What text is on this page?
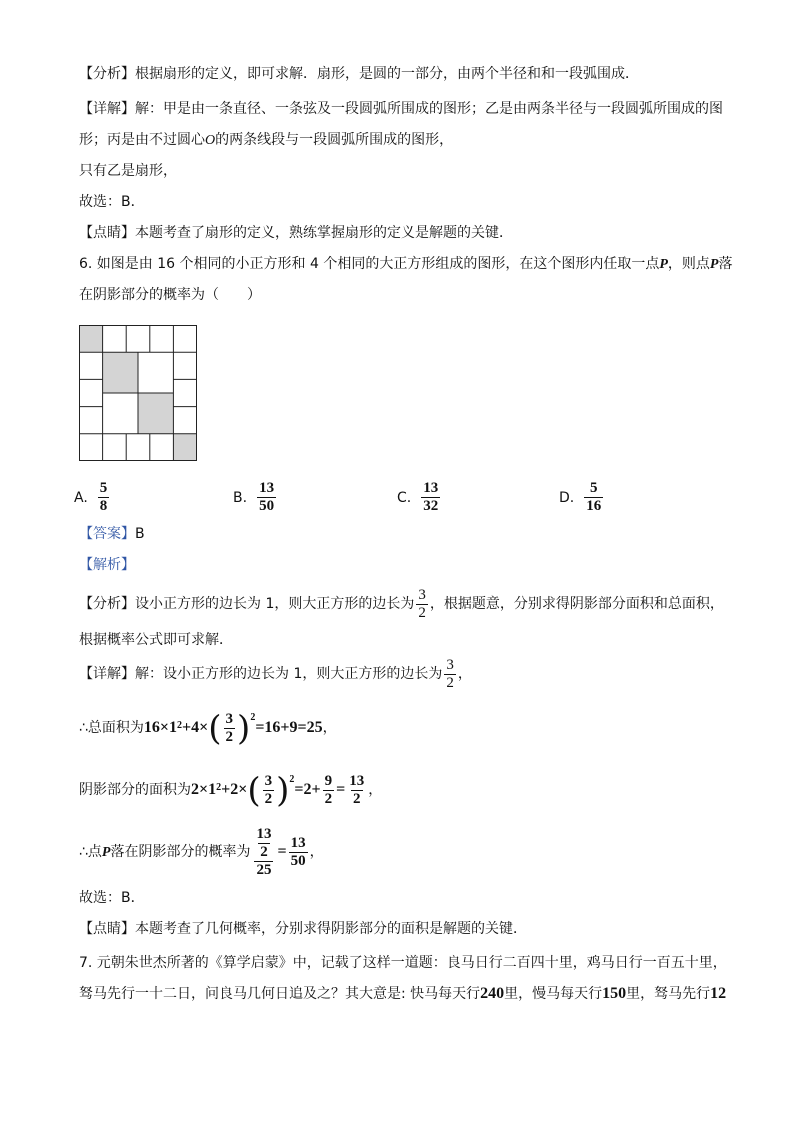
【分析】根据扇形的定义，即可求解．扇形，是圆的一部分，由两个半径和和一段弧围成．
【详解】解：甲是由一条直径、一条弦及一段圆弧所围成的图形；乙是由两条半径与一段圆弧所围成的图
形；丙是由不过圆心O的两条线段与一段圆弧所围成的图形，
只有乙是扇形，
故选：B．
【点睛】本题考查了扇形的定义，熟练掌握扇形的定义是解题的关键．
6. 如图是由 16 个相同的小正方形和 4 个相同的大正方形组成的图形，在这个图形内任取一点P，则点P落
在阴影部分的概率为（　　）
A. $\frac{5}{8}$	B. $\frac{13}{50}$	C. $\frac{13}{32}$	D. $\frac{5}{16}$
【答案】B
【解析】
【分析】设小正方形的边长为 1，则大正方形的边长为 $\frac{3}{2}$ ，根据题意，分别求得阴影部分面积和总面积，
根据概率公式即可求解．
【详解】解：设小正方形的边长为 1，则大正方形的边长为 $\frac{3}{2}$ ，
∴总面积为$16\times 1^2+4\times( \frac{3}{2} )^2=16+9=25$，
阴影部分的面积为$2\times 1^2+2\times( \frac{3}{2} )^2=2+ \frac{9}{2} = \frac{13}{2}$ ，
∴点P落在阴影部分的概率为 $\frac{\frac{13}{2}}{25} = \frac{13}{50}$ ，
故选：B．
【点睛】本题考查了几何概率，分别求得阴影部分的面积是解题的关键．
7. 元朝朱世杰所著的《算学启蒙》中，记载了这样一道题：良马日行二百四十里，鸡马日行一百五十里，
驽马先行一十二日，问良马几何日追及之？其大意是: 快马每天行240里，慢马每天行150里，驽马先行12
